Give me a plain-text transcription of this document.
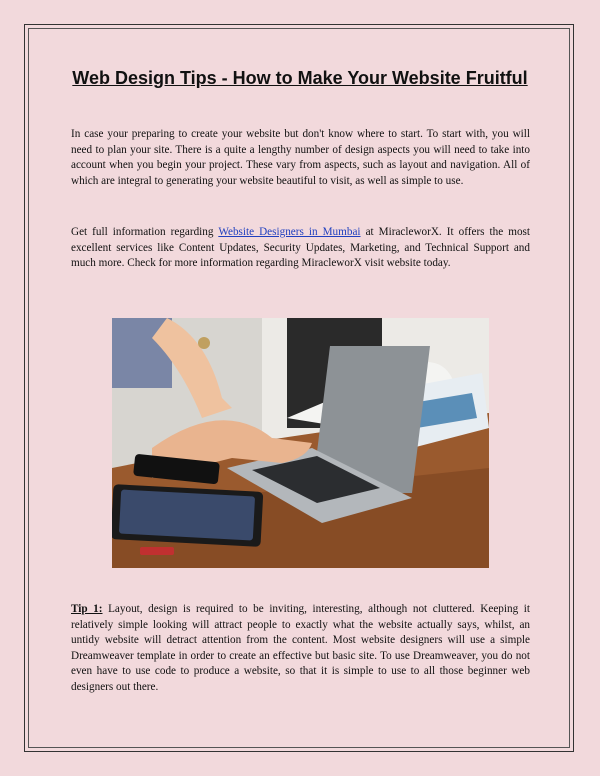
Web Design Tips - How to Make Your Website Fruitful

In case your preparing to create your website but don't know where to start. To start with, you will need to plan your site. There is a quite a lengthy number of design aspects you will need to take into account when you begin your project. These vary from aspects, such as layout and navigation. All of which are integral to generating your website beautiful to visit, as well as simple to use.

Get full information regarding Website Designers in Mumbai at MiracleworX. It offers the most excellent services like Content Updates, Security Updates, Marketing, and Technical Support and much more. Check for more information regarding MiracleworX visit website today.

Tip 1: Layout, design is required to be inviting, interesting, although not cluttered. Keeping it relatively simple looking will attract people to exactly what the website actually says, whilst, an untidy website will detract attention from the content. Most website designers will use a simple Dreamweaver template in order to create an effective but basic site. To use Dreamweaver, you do not even have to use code to produce a website, so that it is simple to use to all those beginner web designers out there.
